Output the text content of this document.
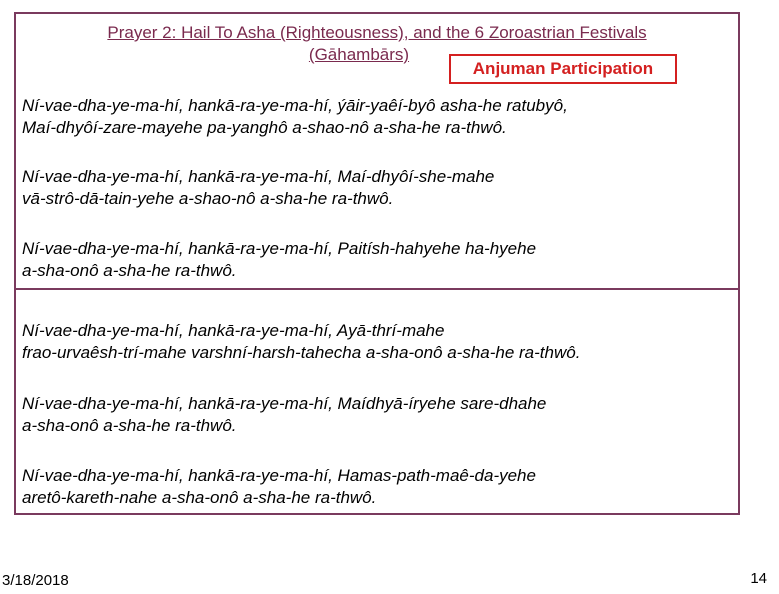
Prayer 2: Hail To Asha (Righteousness), and the 6 Zoroastrian Festivals
(Gāhambārs)
Anjuman Participation
Ní-vae-dha-ye-ma-hí, hankā-ra-ye-ma-hí, ýāir-yaêí-byô asha-he ratubyô,
Maí-dhyôí-zare-mayehe pa-yanghô a-shao-nô a-sha-he ra-thwô.
Ní-vae-dha-ye-ma-hí, hankā-ra-ye-ma-hí, Maí-dhyôí-she-mahe
vā-strô-dā-tain-yehe a-shao-nô a-sha-he ra-thwô.
Ní-vae-dha-ye-ma-hí, hankā-ra-ye-ma-hí, Paitísh-hahyehe ha-hyehe
a-sha-onô a-sha-he ra-thwô.
Ní-vae-dha-ye-ma-hí, hankā-ra-ye-ma-hí, Ayā-thrí-mahe
frao-urvaêsh-trí-mahe varshní-harsh-tahecha a-sha-onô a-sha-he ra-thwô.
Ní-vae-dha-ye-ma-hí, hankā-ra-ye-ma-hí, Maídhyā-íryehe sare-dhahe
a-sha-onô a-sha-he ra-thwô.
Ní-vae-dha-ye-ma-hí, hankā-ra-ye-ma-hí, Hamas-path-maê-da-yehe
aretô-kareth-nahe a-sha-onô a-sha-he ra-thwô.
3/18/2018	14
